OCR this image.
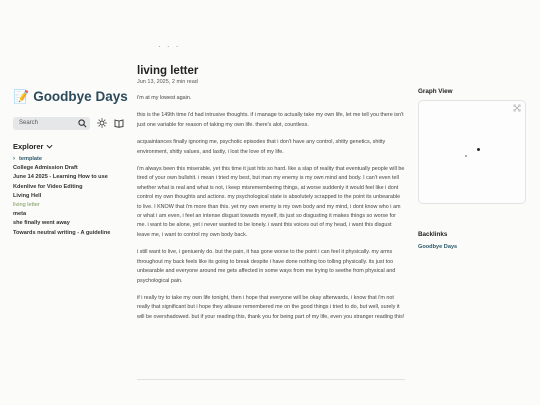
· · ·
📝 Goodbye Days
Search
Explorer
› template
College Admission Draft
June 14 2025 - Learning How to use
Kdenlive for Video Editing
Living Hell
living letter
meta
she finally went away
Towards neutral writing - A guideline
living letter
Jun 13, 2025, 2 min read

i'm at my lowest again.

this is the 149th time i'd had intrusive thoughts. if i manage to actually take my own life, let me tell you there isn't just one variable for reason of taking my own life. there's alot, countless.

acquaintances finally ignoring me, psychotic episodes that i don't have any control, shitty genetics, shitty environment, shitty values, and lastly, i lost the love of my life.

i'm always been this miserable, yet this time it just hits so hard. like a slap of reality that eventually people will be tired of your own bullshit. i mean i tried my best, but man my enemy is my own mind and body. I can't even tell whether what is real and what is not, i keep misremembering things, at worse suddenly it would feel like i dont control my own thoughts and actions. my psychological state is absolutely scrapped to the point its unbearable to live. I KNOW that i'm more than this. yet my own enemy is my own body and my mind, i dont know who i am or what i am even, i feel an intense disgust towards myself, its just so disgusting it makes things so worse for me. i want to be alone, yet i never wanted to be lonely. i want this voices out of my head, i want this disgust leave me, i want to control my own body back.

i still want to live, i geniuenly do. but the pain, it has gone worse to the point i can feel it physically. my arms throughout my back feels like its going to break despite i have done nothing too tolling physically. its just too unbearable and everyone around me gets affected in some ways from me trying to seethe from physical and psychological pain.

if i really try to take my own life tonight, then i hope that everyone will be okay afterwards, i know that i'm not really that significant but i hope they atlease remembered me on the good things i tried to do, but well, surely it will be overshadowed. but if your reading this, thank you for being part of my life, even you stranger reading this!

Graph View
Backlinks
Goodbye Days
